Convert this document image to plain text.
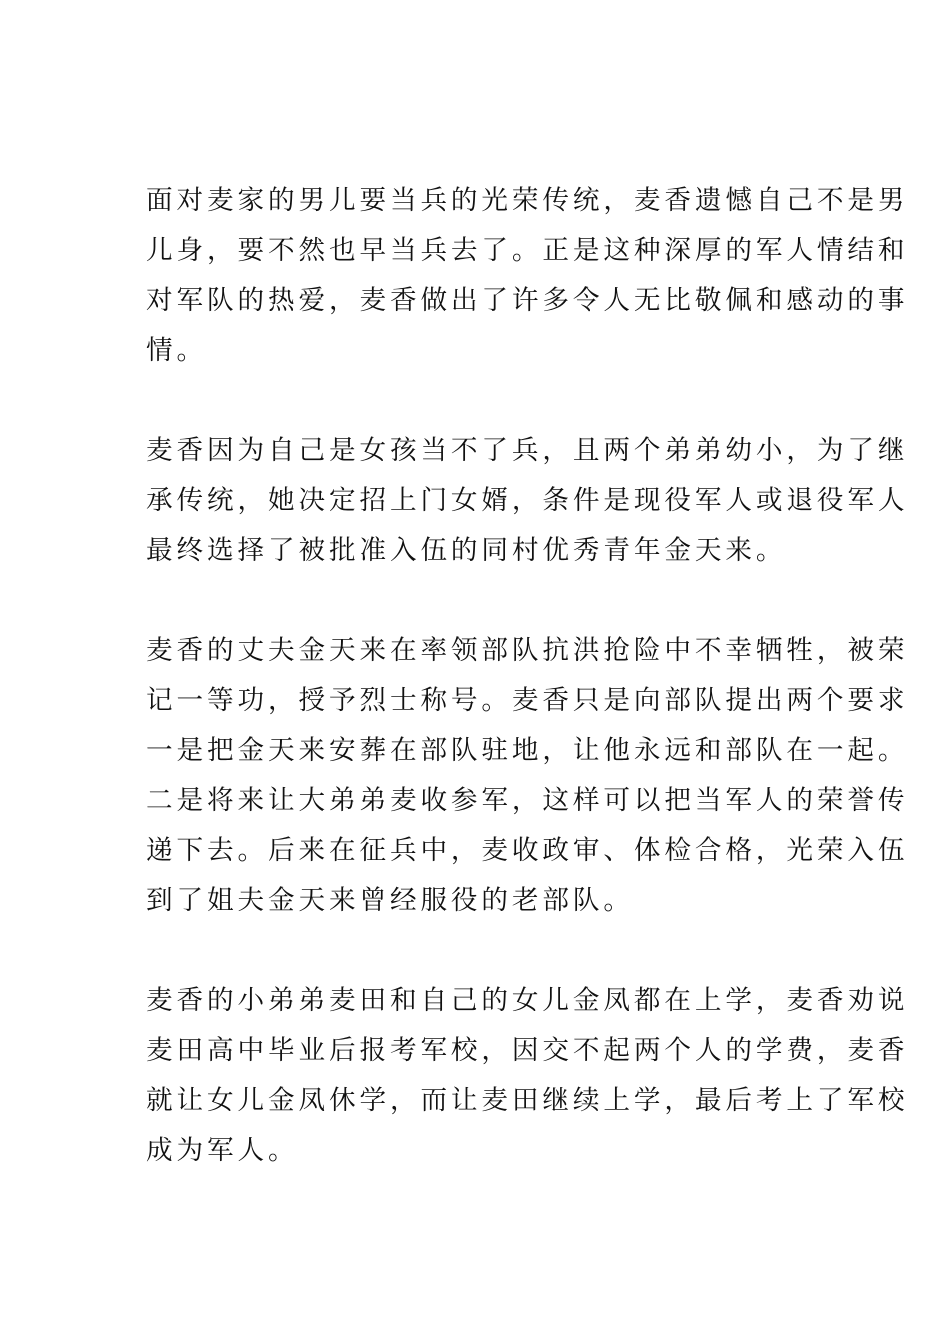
面对麦家的男儿要当兵的光荣传统，麦香遗憾自己不是男
儿身，要不然也早当兵去了。正是这种深厚的军人情结和
对军队的热爱，麦香做出了许多令人无比敬佩和感动的事
情。
麦香因为自己是女孩当不了兵，且两个弟弟幼小，为了继
承传统，她决定招上门女婿，条件是现役军人或退役军人
最终选择了被批准入伍的同村优秀青年金天来。
麦香的丈夫金天来在率领部队抗洪抢险中不幸牺牲，被荣
记一等功，授予烈士称号。麦香只是向部队提出两个要求
一是把金天来安葬在部队驻地，让他永远和部队在一起。
二是将来让大弟弟麦收参军，这样可以把当军人的荣誉传
递下去。后来在征兵中，麦收政审、体检合格，光荣入伍
到了姐夫金天来曾经服役的老部队。
麦香的小弟弟麦田和自己的女儿金凤都在上学，麦香劝说
麦田高中毕业后报考军校，因交不起两个人的学费，麦香
就让女儿金凤休学，而让麦田继续上学，最后考上了军校
成为军人。
